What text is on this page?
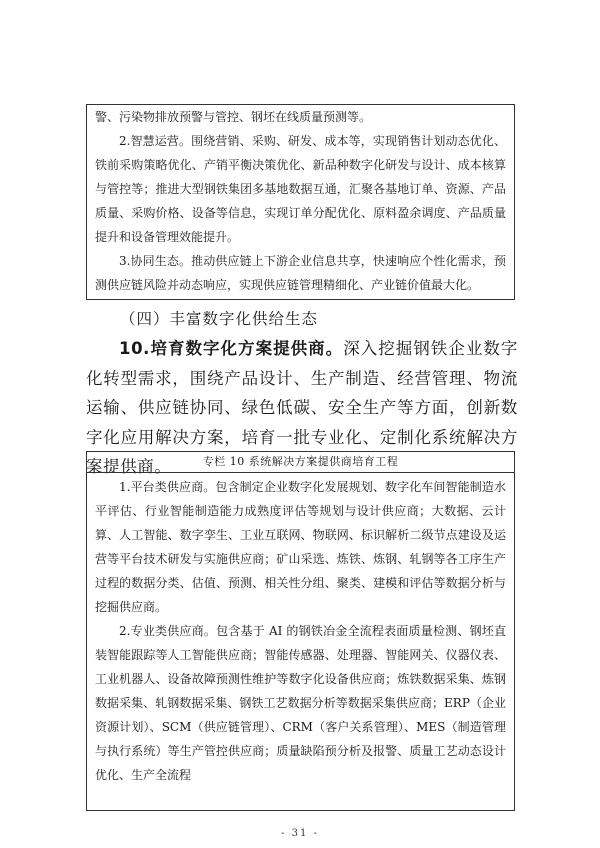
警、污染物排放预警与管控、钢坯在线质量预测等。

2.智慧运营。围绕营销、采购、研发、成本等，实现销售计划动态优化、铁前采购策略优化、产销平衡决策优化、新品种数字化研发与设计、成本核算与管控等；推进大型钢铁集团多基地数据互通，汇聚各基地订单、资源、产品质量、采购价格、设备等信息，实现订单分配优化、原料盈余调度、产品质量提升和设备管理效能提升。

3.协同生态。推动供应链上下游企业信息共享，快速响应个性化需求，预测供应链风险并动态响应，实现供应链管理精细化、产业链价值最大化。

（四）丰富数字化供给生态

10.培育数字化方案提供商。深入挖掘钢铁企业数字化转型需求，围绕产品设计、生产制造、经营管理、物流运输、供应链协同、绿色低碳、安全生产等方面，创新数字化应用解决方案，培育一批专业化、定制化系统解决方案提供商。	专栏 10 系统解决方案提供商培育工程

1.平台类供应商。包含制定企业数字化发展规划、数字化车间智能制造水平评估、行业智能制造能力成熟度评估等规划与设计供应商；大数据、云计算、人工智能、数字孪生、工业互联网、物联网、标识解析二级节点建设及运营等平台技术研发与实施供应商；矿山采选、炼铁、炼钢、轧钢等各工序生产过程的数据分类、估值、预测、相关性分组、聚类、建模和评估等数据分析与挖掘供应商。

2.专业类供应商。包含基于 AI 的钢铁冶金全流程表面质量检测、钢坯直装智能跟踪等人工智能供应商；智能传感器、处理器、智能网关、仪器仪表、工业机器人、设备故障预测性维护等数字化设备供应商；炼铁数据采集、炼钢数据采集、轧钢数据采集、钢铁工艺数据分析等数据采集供应商；ERP（企业资源计划）、SCM（供应链管理）、CRM（客户关系管理）、MES（制造管理与执行系统）等生产管控供应商；质量缺陷预分析及报警、质量工艺动态设计优化、生产全流程

- 31 -
